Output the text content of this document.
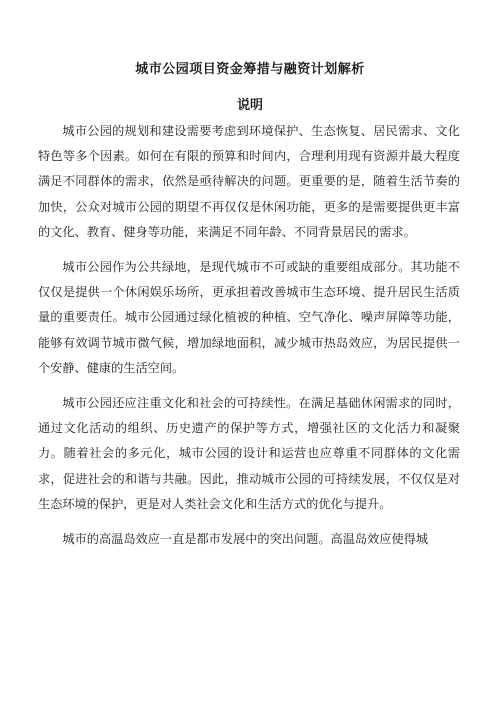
城市公园项目资金筹措与融资计划解析
说明

城市公园的规划和建设需要考虑到环境保护、生态恢复、居民需求、文化特色等多个因素。如何在有限的预算和时间内，合理利用现有资源并最大程度满足不同群体的需求，依然是亟待解决的问题。更重要的是，随着生活节奏的加快，公众对城市公园的期望不再仅仅是休闲功能，更多的是需要提供更丰富的文化、教育、健身等功能，来满足不同年龄、不同背景居民的需求。

城市公园作为公共绿地，是现代城市不可或缺的重要组成部分。其功能不仅仅是提供一个休闲娱乐场所，更承担着改善城市生态环境、提升居民生活质量的重要责任。城市公园通过绿化植被的种植、空气净化、噪声屏障等功能，能够有效调节城市微气候，增加绿地面积，减少城市热岛效应，为居民提供一个安静、健康的生活空间。

城市公园还应注重文化和社会的可持续性。在满足基础休闲需求的同时，通过文化活动的组织、历史遗产的保护等方式，增强社区的文化活力和凝聚力。随着社会的多元化，城市公园的设计和运营也应尊重不同群体的文化需求，促进社会的和谐与共融。因此，推动城市公园的可持续发展，不仅仅是对生态环境的保护，更是对人类社会文化和生活方式的优化与提升。

城市的高温岛效应一直是都市发展中的突出问题。高温岛效应使得城
